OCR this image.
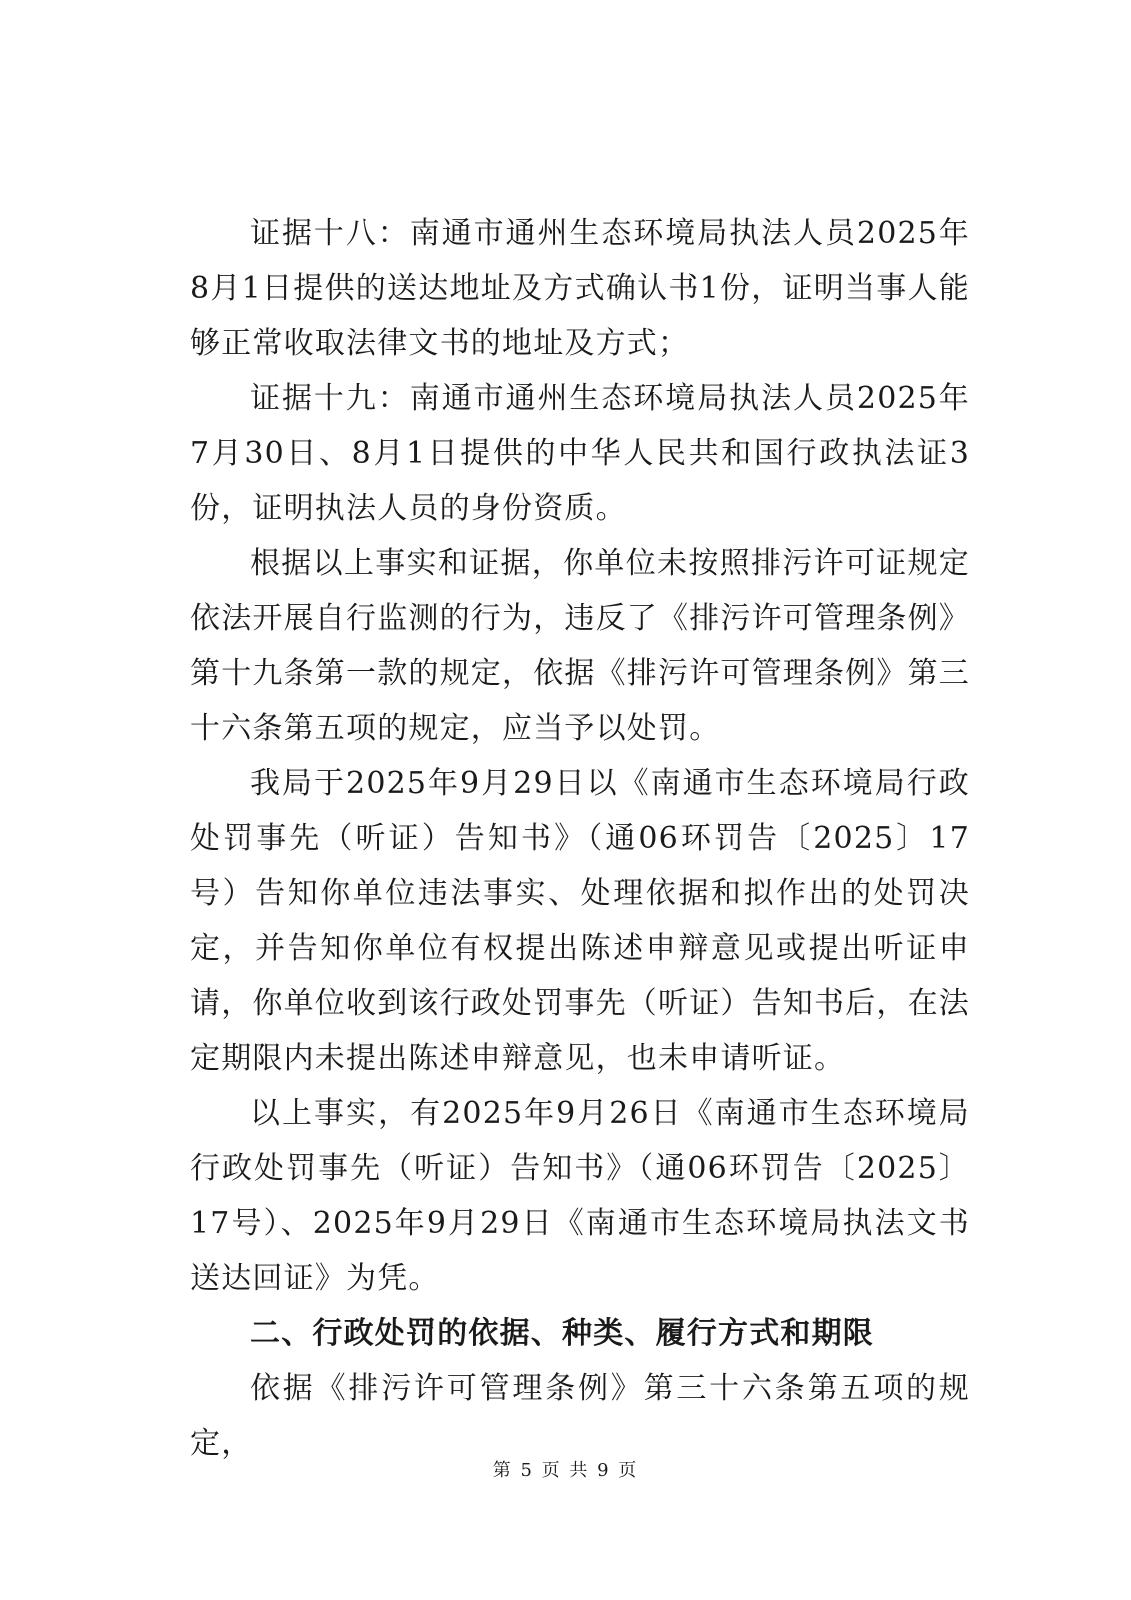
证据十八：南通市通州生态环境局执法人员2025年8月1日提供的送达地址及方式确认书1份，证明当事人能够正常收取法律文书的地址及方式；

证据十九：南通市通州生态环境局执法人员2025年7月30日、8月1日提供的中华人民共和国行政执法证3份，证明执法人员的身份资质。

根据以上事实和证据，你单位未按照排污许可证规定依法开展自行监测的行为，违反了《排污许可管理条例》第十九条第一款的规定，依据《排污许可管理条例》第三十六条第五项的规定，应当予以处罚。

我局于2025年9月29日以《南通市生态环境局行政处罚事先（听证）告知书》（通06环罚告〔2025〕17号）告知你单位违法事实、处理依据和拟作出的处罚决定，并告知你单位有权提出陈述申辩意见或提出听证申请，你单位收到该行政处罚事先（听证）告知书后，在法定期限内未提出陈述申辩意见，也未申请听证。

以上事实，有2025年9月26日《南通市生态环境局行政处罚事先（听证）告知书》（通06环罚告〔2025〕17号）、2025年9月29日《南通市生态环境局执法文书送达回证》为凭。

二、行政处罚的依据、种类、履行方式和期限

依据《排污许可管理条例》第三十六条第五项的规定，

第 5 页 共 9 页
